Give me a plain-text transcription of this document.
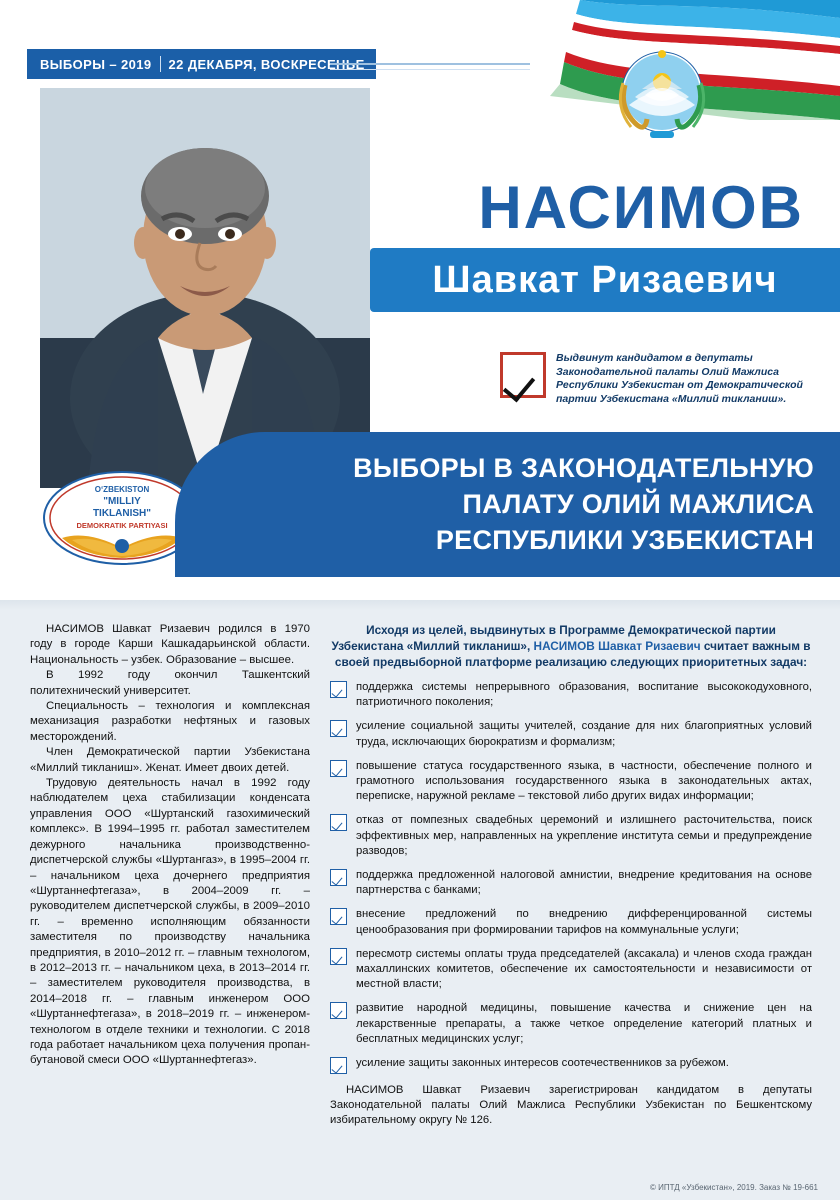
ВЫБОРЫ – 2019 22 ДЕКАБРЯ, ВОСКРЕСЕНЬЕ
НАСИМОВ
Шавкат Ризаевич

Выдвинут кандидатом в депутаты Законодательной палаты Олий Мажлиса Республики Узбекистан от Демократической партии Узбекистана «Миллий тикланиш».

O‘ZBEKISTON
"MILLIY
TIKLANISH"
DEMOKRATIK PARTIYASI
ВЫБОРЫ В ЗАКОНОДАТЕЛЬНУЮ
ПАЛАТУ ОЛИЙ МАЖЛИСА
РЕСПУБЛИКИ УЗБЕКИСТАН

НАСИМОВ Шавкат Ризаевич родился в 1970 году в городе Карши Кашкадарьинской области. Национальность – узбек. Образование – высшее.

В 1992 году окончил Ташкентский политехнический университет.

Специальность – технология и комплексная механизация разработки нефтяных и газовых месторождений.

Член Демократической партии Узбекистана «Миллий тикланиш». Женат. Имеет двоих детей.

Трудовую деятельность начал в 1992 году наблюдателем цеха стабилизации конденсата управления ООО «Шуртанский газохимический комплекс». В 1994–1995 гг. работал заместителем дежурного начальника производственно-диспетчерской службы «Шуртангаз», в 1995–2004 гг. – начальником цеха дочернего предприятия «Шуртаннефтегаза», в 2004–2009 гг. – руководителем диспетчерской службы, в 2009–2010 гг. – временно исполняющим обязанности заместителя по производству начальника предприятия, в 2010–2012 гг. – главным технологом, в 2012–2013 гг. – начальником цеха, в 2013–2014 гг. – заместителем руководителя производства, в 2014–2018 гг. – главным инженером ООО «Шуртаннефтегаза», в 2018–2019 гг. – инженером-технологом в отделе техники и технологии. С 2018 года работает начальником цеха получения пропан-бутановой смеси ООО «Шуртаннефтегаз».

Исходя из целей, выдвинутых в Программе Демократической партии Узбекистана «Миллий тикланиш», НАСИМОВ Шавкат Ризаевич считает важным в своей предвыборной платформе реализацию следующих приоритетных задач:

поддержка системы непрерывного образования, воспитание высококодуховного, патриотичного поколения;
усиление социальной защиты учителей, создание для них благоприятных условий труда, исключающих бюрократизм и формализм;
повышение статуса государственного языка, в частности, обеспечение полного и грамотного использования государственного языка в законодательных актах, переписке, наружной рекламе – текстовой либо других видах информации;
отказ от помпезных свадебных церемоний и излишнего расточительства, поиск эффективных мер, направленных на укрепление института семьи и предупреждение разводов;
поддержка предложенной налоговой амнистии, внедрение кредитования на основе партнерства с банками;
внесение предложений по внедрению дифференцированной системы ценообразования при формировании тарифов на коммунальные услуги;
пересмотр системы оплаты труда председателей (аксакала) и членов схода граждан махаллинских комитетов, обеспечение их самостоятельности и независимости от местной власти;
развитие народной медицины, повышение качества и снижение цен на лекарственные препараты, а также четкое определение категорий платных и бесплатных медицинских услуг;
усиление защиты законных интересов соотечественников за рубежом.

НАСИМОВ Шавкат Ризаевич зарегистрирован кандидатом в депутаты Законодательной палаты Олий Мажлиса Республики Узбекистан по Бешкентскому избирательному округу № 126.

© ИПТД «Узбекистан», 2019. Заказ № 19-661
